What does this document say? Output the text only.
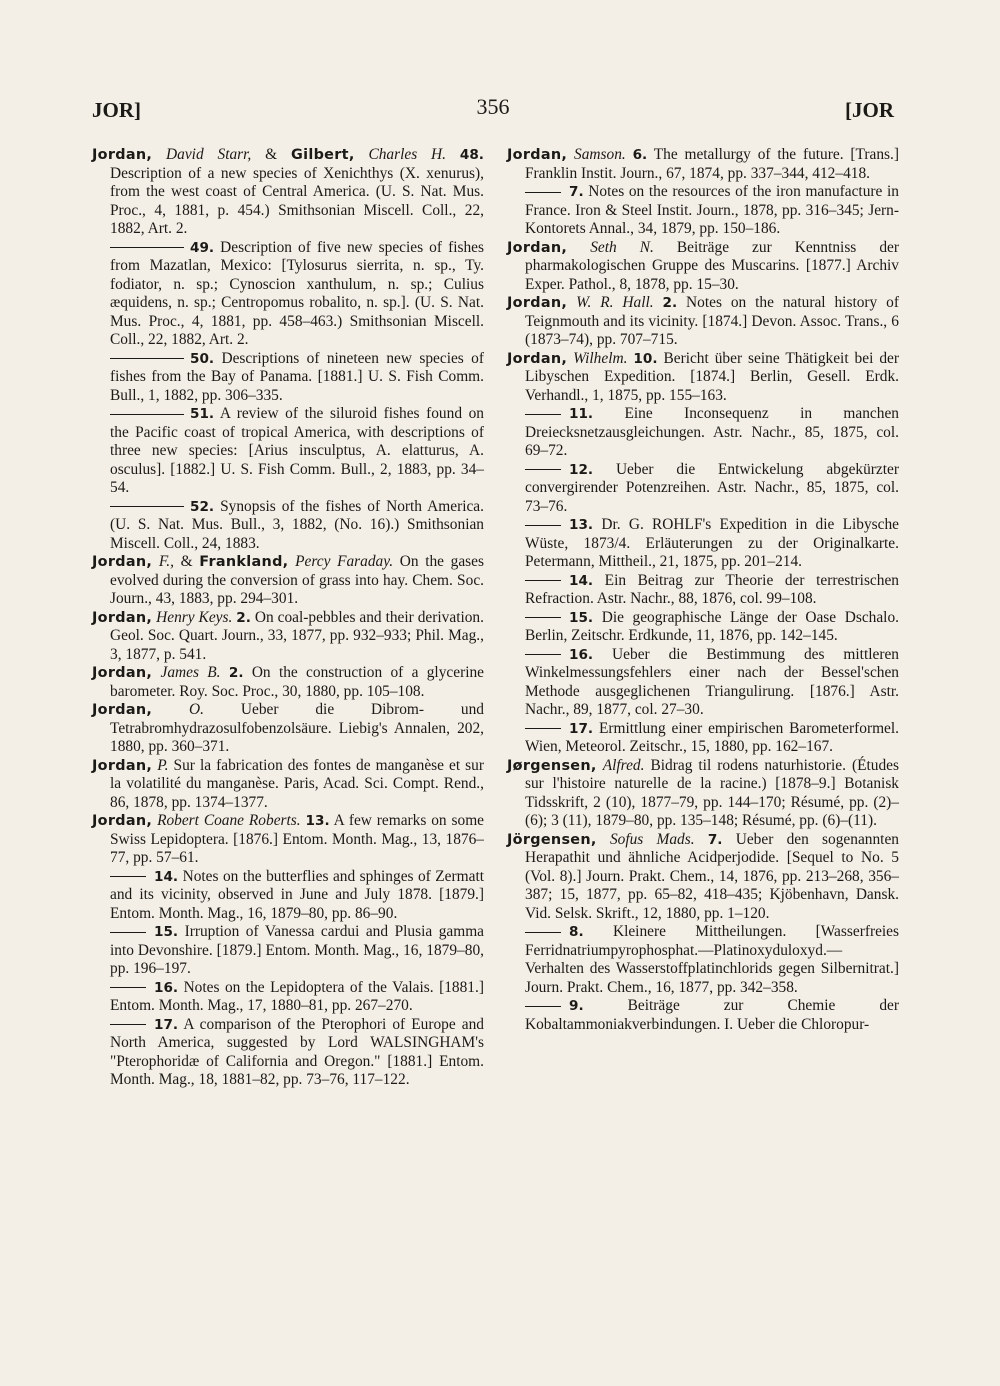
JOR]	356	[JOR

Jordan, David Starr, & Gilbert, Charles H. 48. Description of a new species of Xenichthys (X. xenurus), from the west coast of Central America. (U. S. Nat. Mus. Proc., 4, 1881, p. 454.) Smithsonian Miscell. Coll., 22, 1882, Art. 2.

49. Description of five new species of fishes from Mazatlan, Mexico: [Tylosurus sierrita, n. sp., Ty. fodiator, n. sp.; Cynoscion xanthulum, n. sp.; Culius æquidens, n. sp.; Centropomus robalito, n. sp.]. (U. S. Nat. Mus. Proc., 4, 1881, pp. 458–463.) Smithsonian Miscell. Coll., 22, 1882, Art. 2.

50. Descriptions of nineteen new species of fishes from the Bay of Panama. [1881.] U. S. Fish Comm. Bull., 1, 1882, pp. 306–335.

51. A review of the siluroid fishes found on the Pacific coast of tropical America, with descriptions of three new species: [Arius insculptus, A. elatturus, A. osculus]. [1882.] U. S. Fish Comm. Bull., 2, 1883, pp. 34–54.

52. Synopsis of the fishes of North America. (U. S. Nat. Mus. Bull., 3, 1882, (No. 16).) Smithsonian Miscell. Coll., 24, 1883.

Jordan, F., & Frankland, Percy Faraday. On the gases evolved during the conversion of grass into hay. Chem. Soc. Journ., 43, 1883, pp. 294–301.

Jordan, Henry Keys. 2. On coal-pebbles and their derivation. Geol. Soc. Quart. Journ., 33, 1877, pp. 932–933; Phil. Mag., 3, 1877, p. 541.

Jordan, James B. 2. On the construction of a glycerine barometer. Roy. Soc. Proc., 30, 1880, pp. 105–108.

Jordan, O. Ueber die Dibrom- und Tetrabromhydrazosulfobenzolsäure. Liebig's Annalen, 202, 1880, pp. 360–371.

Jordan, P. Sur la fabrication des fontes de manganèse et sur la volatilité du manganèse. Paris, Acad. Sci. Compt. Rend., 86, 1878, pp. 1374–1377.

Jordan, Robert Coane Roberts. 13. A few remarks on some Swiss Lepidoptera. [1876.] Entom. Month. Mag., 13, 1876–77, pp. 57–61.

14. Notes on the butterflies and sphinges of Zermatt and its vicinity, observed in June and July 1878. [1879.] Entom. Month. Mag., 16, 1879–80, pp. 86–90.

15. Irruption of Vanessa cardui and Plusia gamma into Devonshire. [1879.] Entom. Month. Mag., 16, 1879–80, pp. 196–197.

16. Notes on the Lepidoptera of the Valais. [1881.] Entom. Month. Mag., 17, 1880–81, pp. 267–270.

17. A comparison of the Pterophori of Europe and North America, suggested by Lord WALSINGHAM's "Pterophoridæ of California and Oregon." [1881.] Entom. Month. Mag., 18, 1881–82, pp. 73–76, 117–122.

Jordan, Samson. 6. The metallurgy of the future. [Trans.] Franklin Instit. Journ., 67, 1874, pp. 337–344, 412–418.

7. Notes on the resources of the iron manufacture in France. Iron & Steel Instit. Journ., 1878, pp. 316–345; Jern-Kontorets Annal., 34, 1879, pp. 150–186.

Jordan, Seth N. Beiträge zur Kenntniss der pharmakologischen Gruppe des Muscarins. [1877.] Archiv Exper. Pathol., 8, 1878, pp. 15–30.

Jordan, W. R. Hall. 2. Notes on the natural history of Teignmouth and its vicinity. [1874.] Devon. Assoc. Trans., 6 (1873–74), pp. 707–715.

Jordan, Wilhelm. 10. Bericht über seine Thätigkeit bei der Libyschen Expedition. [1874.] Berlin, Gesell. Erdk. Verhandl., 1, 1875, pp. 155–163.

11. Eine Inconsequenz in manchen Dreiecksnetzausgleichungen. Astr. Nachr., 85, 1875, col. 69–72.

12. Ueber die Entwickelung abgekürzter convergirender Potenzreihen. Astr. Nachr., 85, 1875, col. 73–76.

13. Dr. G. ROHLF's Expedition in die Libysche Wüste, 1873/4. Erläuterungen zu der Originalkarte. Petermann, Mittheil., 21, 1875, pp. 201–214.

14. Ein Beitrag zur Theorie der terrestrischen Refraction. Astr. Nachr., 88, 1876, col. 99–108.

15. Die geographische Länge der Oase Dschalo. Berlin, Zeitschr. Erdkunde, 11, 1876, pp. 142–145.

16. Ueber die Bestimmung des mittleren Winkelmessungsfehlers einer nach der Bessel'schen Methode ausgeglichenen Triangulirung. [1876.] Astr. Nachr., 89, 1877, col. 27–30.

17. Ermittlung einer empirischen Barometerformel. Wien, Meteorol. Zeitschr., 15, 1880, pp. 162–167.

Jørgensen, Alfred. Bidrag til rodens naturhistorie. (Études sur l'histoire naturelle de la racine.) [1878–9.] Botanisk Tidsskrift, 2 (10), 1877–79, pp. 144–170; Résumé, pp. (2)–(6); 3 (11), 1879–80, pp. 135–148; Résumé, pp. (6)–(11).

Jörgensen, Sofus Mads. 7. Ueber den sogenannten Herapathit und ähnliche Acidperjodide. [Sequel to No. 5 (Vol. 8).] Journ. Prakt. Chem., 14, 1876, pp. 213–268, 356–387; 15, 1877, pp. 65–82, 418–435; Kjöbenhavn, Dansk. Vid. Selsk. Skrift., 12, 1880, pp. 1–120.

8. Kleinere Mittheilungen. [Wasserfreies Ferridnatriumpyrophosphat.—Platinoxyduloxyd.—Verhalten des Wasserstoffplatinchlorids gegen Silbernitrat.] Journ. Prakt. Chem., 16, 1877, pp. 342–358.

9.	Beiträge zur Chemie der Kobaltammoniakverbindungen. I. Ueber die Chloropur-
